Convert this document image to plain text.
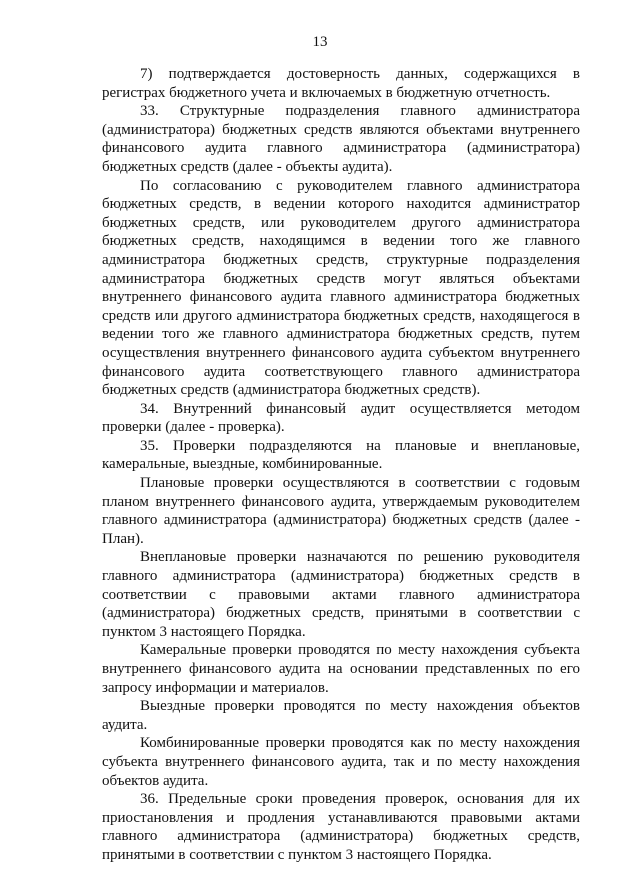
13

7) подтверждается достоверность данных, содержащихся в регистрах бюджетного учета и включаемых в бюджетную отчетность.

33. Структурные подразделения главного администратора (администратора) бюджетных средств являются объектами внутреннего финансового аудита главного администратора (администратора) бюджетных средств (далее - объекты аудита).

По согласованию с руководителем главного администратора бюджетных средств, в ведении которого находится администратор бюджетных средств, или руководителем другого администратора бюджетных средств, находящимся в ведении того же главного администратора бюджетных средств, структурные подразделения администратора бюджетных средств могут являться объектами внутреннего финансового аудита главного администратора бюджетных средств или другого администратора бюджетных средств, находящегося в ведении того же главного администратора бюджетных средств, путем осуществления внутреннего финансового аудита субъектом внутреннего финансового аудита соответствующего главного администратора бюджетных средств (администратора бюджетных средств).

34. Внутренний финансовый аудит осуществляется методом проверки (далее - проверка).

35. Проверки подразделяются на плановые и внеплановые, камеральные, выездные, комбинированные.

Плановые проверки осуществляются в соответствии с годовым планом внутреннего финансового аудита, утверждаемым руководителем главного администратора (администратора) бюджетных средств (далее - План).

Внеплановые проверки назначаются по решению руководителя главного администратора (администратора) бюджетных средств в соответствии с правовыми актами главного администратора (администратора) бюджетных средств, принятыми в соответствии с пунктом 3 настоящего Порядка.

Камеральные проверки проводятся по месту нахождения субъекта внутреннего финансового аудита на основании представленных по его запросу информации и материалов.

Выездные проверки проводятся по месту нахождения объектов аудита.

Комбинированные проверки проводятся как по месту нахождения субъекта внутреннего финансового аудита, так и по месту нахождения объектов аудита.

36. Предельные сроки проведения проверок, основания для их приостановления и продления устанавливаются правовыми актами главного администратора (администратора) бюджетных средств, принятыми в соответствии с пунктом 3 настоящего Порядка.
